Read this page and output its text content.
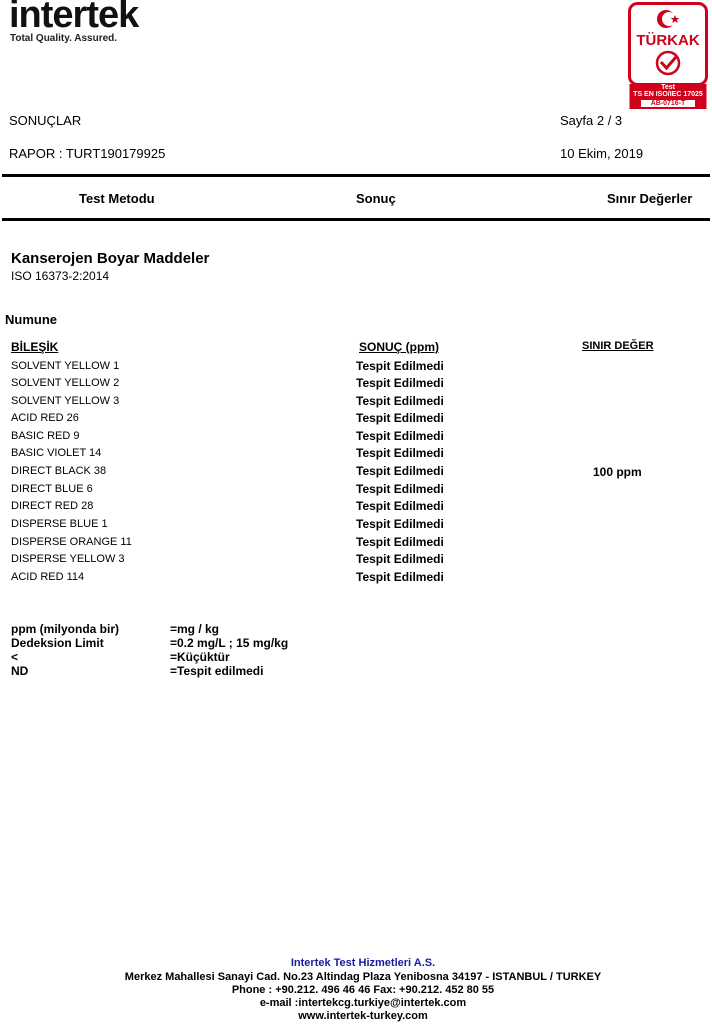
intertek
Total Quality. Assured.	TÜRKAK
Test
TS EN ISO/IEC 17025
AB-0716-T
SONUÇLAR	Sayfa 2 / 3
RAPOR : TURT190179925	10 Ekim, 2019
Test Metodu	Sonuç	Sınır Değerler
Kanserojen Boyar Maddeler
ISO 16373-2:2014
Numune
BİLEŞİK	SONUÇ (ppm)	SINIR DEĞER
SOLVENT YELLOW 1	Tespit Edilmedi
SOLVENT YELLOW 2	Tespit Edilmedi
SOLVENT YELLOW 3	Tespit Edilmedi
ACID RED 26	Tespit Edilmedi
BASIC RED 9	Tespit Edilmedi
BASIC VIOLET 14	Tespit Edilmedi
DIRECT BLACK 38	Tespit Edilmedi
DIRECT BLUE 6	Tespit Edilmedi
DIRECT RED 28	Tespit Edilmedi
DISPERSE BLUE 1	Tespit Edilmedi
DISPERSE ORANGE 11	Tespit Edilmedi
DISPERSE YELLOW 3	Tespit Edilmedi
ACID RED 114	Tespit Edilmedi
100 ppm
ppm (milyonda bir)	=mg / kg
Dedeksion Limit	=0.2 mg/L ; 15 mg/kg
<	=Küçüktür
ND	=Tespit edilmedi
Intertek Test Hizmetleri A.S.
Merkez Mahallesi Sanayi Cad. No.23 Altindag Plaza Yenibosna 34197 - ISTANBUL / TURKEY
Phone : +90.212. 496 46 46 Fax: +90.212. 452 80 55
e-mail :intertekcg.turkiye@intertek.com
www.intertek-turkey.com
